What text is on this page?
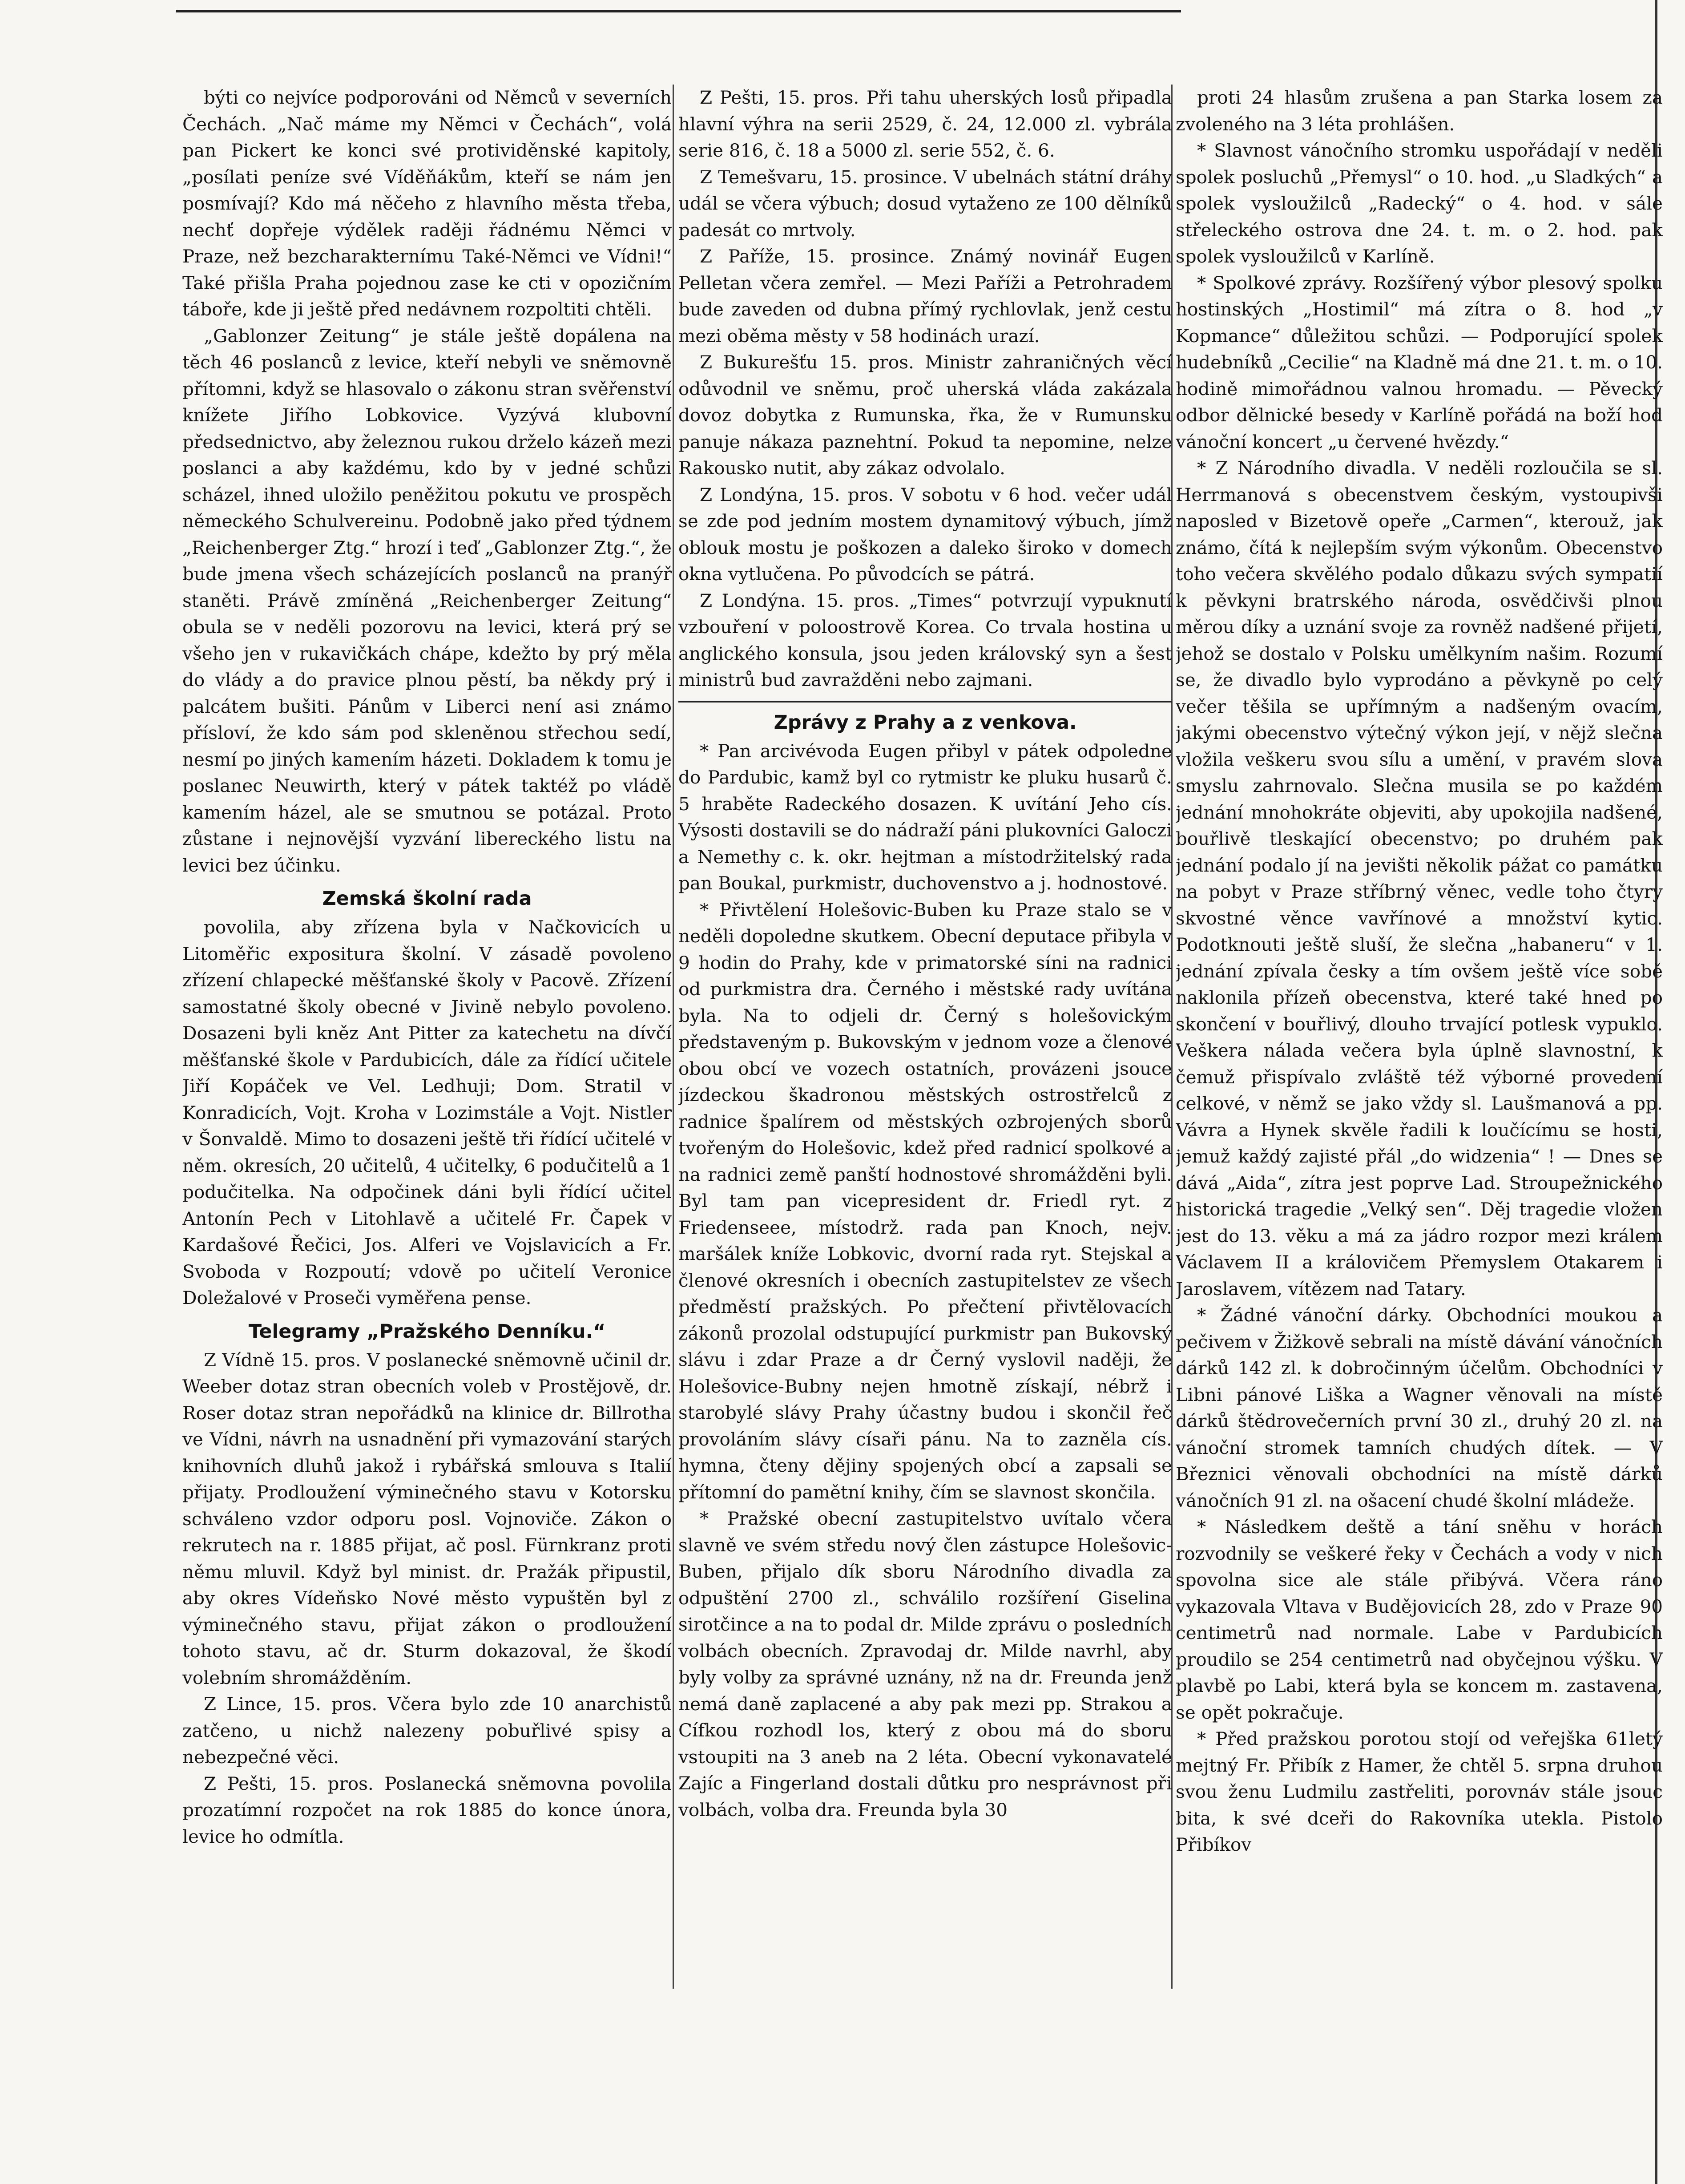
býti co nejvíce podporováni od Němců v severních Čechách. „Nač máme my Němci v Čechách“, volá pan Pickert ke konci své protividěnské kapitoly, „posílati peníze své Víděňákům, kteří se nám jen posmívají? Kdo má něčeho z hlavního města třeba, nechť dopřeje výdělek raději řádnému Němci v Praze, než bezcharakternímu Také-Němci ve Vídni!“ Také přišla Praha pojednou zase ke cti v opozičním táboře, kde ji ještě před nedávnem rozpoltiti chtěli.

„Gablonzer Zeitung“ je stále ještě dopálena na těch 46 poslanců z levice, kteří nebyli ve sněmovně přítomni, když se hlasovalo o zákonu stran svěřenství knížete Jiřího Lobkovice. Vyzývá klubovní předsednictvo, aby železnou rukou drželo kázeň mezi poslanci a aby každému, kdo by v jedné schůzi scházel, ihned uložilo peněžitou pokutu ve prospěch německého Schulvereinu. Podobně jako před týdnem „Reichenberger Ztg.“ hrozí i teď „Gablonzer Ztg.“, že bude jmena všech scházejících poslanců na pranýř staněti. Právě zmíněná „Reichenberger Zeitung“ obula se v neděli pozorovu na levici, která prý se všeho jen v rukavičkách chápe, kdežto by prý měla do vlády a do pravice plnou pěstí, ba někdy prý i palcátem bušiti. Pánům v Liberci není asi známo přísloví, že kdo sám pod skleněnou střechou sedí, nesmí po jiných kamením házeti. Dokladem k tomu je poslanec Neuwirth, který v pátek taktéž po vládě kamením házel, ale se smutnou se potázal. Proto zůstane i nejnovější vyzvání libereckého listu na levici bez účinku.

Zemská školní rada

povolila, aby zřízena byla v Načkovicích u Litoměřic expositura školní. V zásadě povoleno zřízení chlapecké měšťanské školy v Pacově. Zřízení samostatné školy obecné v Jivině nebylo povoleno. Dosazeni byli kněz Ant Pitter za katechetu na dívčí měšťanské škole v Pardubicích, dále za řídící učitele Jiří Kopáček ve Vel. Ledhuji; Dom. Stratil v Konradicích, Vojt. Kroha v Lozimstále a Vojt. Nistler v Šonvaldě. Mimo to dosazeni ještě tři řídící učitelé v něm. okresích, 20 učitelů, 4 učitelky, 6 podučitelů a 1 podučitelka. Na odpočinek dáni byli řídící učitel Antonín Pech v Litohlavě a učitelé Fr. Čapek v Kardašové Řečici, Jos. Alferi ve Vojslavicích a Fr. Svoboda v Rozpoutí; vdově po učitelí Veronice Doležalové v Proseči vyměřena pense.

Telegramy „Pražského Denníku.“

Z Vídně 15. pros. V poslanecké sněmovně učinil dr. Weeber dotaz stran obecních voleb v Prostějově, dr. Roser dotaz stran nepořádků na klinice dr. Billrotha ve Vídni, návrh na usnadnění při vymazování starých knihovních dluhů jakož i rybářská smlouva s Italií přijaty. Prodloužení výminečného stavu v Kotorsku schváleno vzdor odporu posl. Vojnoviče. Zákon o rekrutech na r. 1885 přijat, ač posl. Fürnkranz proti němu mluvil. Když byl minist. dr. Pražák připustil, aby okres Vídeňsko Nové město vypuštěn byl z výminečného stavu, přijat zákon o prodloužení tohoto stavu, ač dr. Sturm dokazoval, že škodí volebním shromážděním.

Z Lince, 15. pros. Včera bylo zde 10 anarchistů zatčeno, u nichž nalezeny pobuřlivé spisy a nebezpečné věci.

Z Pešti, 15. pros. Poslanecká sněmovna povolila prozatímní rozpočet na rok 1885 do konce února, levice ho odmítla.

Z Pešti, 15. pros. Při tahu uherských losů připadla hlavní výhra na serii 2529, č. 24, 12.000 zl. vybrála serie 816, č. 18 a 5000 zl. serie 552, č. 6.

Z Temešvaru, 15. prosince. V ubelnách státní dráhy udál se včera výbuch; dosud vytaženo ze 100 dělníků padesát co mrtvoly.

Z Paříže, 15. prosince. Známý novinář Eugen Pelletan včera zemřel. — Mezi Paříži a Petrohradem bude zaveden od dubna přímý rychlovlak, jenž cestu mezi oběma městy v 58 hodinách urazí.

Z Bukurešťu 15. pros. Ministr zahraničných věcí odůvodnil ve sněmu, proč uherská vláda zakázala dovoz dobytka z Rumunska, řka, že v Rumunsku panuje nákaza paznehtní. Pokud ta nepomine, nelze Rakousko nutit, aby zákaz odvolalo.

Z Londýna, 15. pros. V sobotu v 6 hod. večer udál se zde pod jedním mostem dynamitový výbuch, jímž oblouk mostu je poškozen a daleko široko v domech okna vytlučena. Po původcích se pátrá.

Z Londýna. 15. pros. „Times“ potvrzují vypuknutí vzbouření v poloostrově Korea. Co trvala hostina u anglického konsula, jsou jeden královský syn a šest ministrů bud zavražděni nebo zajmani.

Zprávy z Prahy a z venkova.

* Pan arcivévoda Eugen přibyl v pátek odpoledne do Pardubic, kamž byl co rytmistr ke pluku husarů č. 5 hraběte Radeckého dosazen. K uvítání Jeho cís. Výsosti dostavili se do nádraží páni plukovníci Galoczi a Nemethy c. k. okr. hejtman a místodržitelský rada pan Boukal, purkmistr, duchovenstvo a j. hodnostové.

* Přivtělení Holešovic-Buben ku Praze stalo se v neděli dopoledne skutkem. Obecní deputace přibyla v 9 hodin do Prahy, kde v primatorské síni na radnici od purkmistra dra. Černého i městské rady uvítána byla. Na to odjeli dr. Černý s holešovickým představeným p. Bukovským v jednom voze a členové obou obcí ve vozech ostatních, provázeni jsouce jízdeckou škadronou městských ostrostřelců z radnice špalírem od městských ozbrojených sborů tvořeným do Holešovic, kdež před radnicí spolkové a na radnici země panští hodnostové shromážděni byli. Byl tam pan vicepresident dr. Friedl ryt. z Friedenseee, místodrž. rada pan Knoch, nejv. maršálek kníže Lobkovic, dvorní rada ryt. Stejskal a členové okresních i obecních zastupitelstev ze všech předměstí pražských. Po přečtení přivtělovacích zákonů prozolal odstupující purkmistr pan Bukovský slávu i zdar Praze a dr Černý vyslovil naději, že Holešovice-Bubny nejen hmotně získají, nébrž i starobylé slávy Prahy účastny budou i skončil řeč provoláním slávy císaři pánu. Na to zazněla cís. hymna, čteny dějiny spojených obcí a zapsali se přítomní do pamětní knihy, čím se slavnost skončila.

* Pražské obecní zastupitelstvo uvítalo včera slavně ve svém středu nový člen zástupce Holešovic-Buben, přijalo dík sboru Národního divadla za odpuštění 2700 zl., schválilo rozšíření Giselina sirotčince a na to podal dr. Milde zprávu o posledních volbách obecních. Zpravodaj dr. Milde navrhl, aby byly volby za správné uznány, nž na dr. Freunda jenž nemá daně zaplacené a aby pak mezi pp. Strakou a Cífkou rozhodl los, který z obou má do sboru vstoupiti na 3 aneb na 2 léta. Obecní vykonavatelé Zajíc a Fingerland dostali důtku pro nesprávnost při volbách, volba dra. Freunda byla 30

proti 24 hlasům zrušena a pan Starka losem za zvoleného na 3 léta prohlášen.

* Slavnost vánočního stromku uspořádají v neděli spolek posluchů „Přemysl“ o 10. hod. „u Sladkých“ a spolek vysloužilců „Radecký“ o 4. hod. v sále střeleckého ostrova dne 24. t. m. o 2. hod. pak spolek vysloužilců v Karlíně.

* Spolkové zprávy. Rozšířený výbor plesový spolku hostinských „Hostimil“ má zítra o 8. hod „v Kopmance“ důležitou schůzi. — Podporující spolek hudebníků „Cecilie“ na Kladně má dne 21. t. m. o 10. hodině mimořádnou valnou hromadu. — Pěvecký odbor dělnické besedy v Karlíně pořádá na boží hod vánoční koncert „u červené hvězdy.“

* Z Národního divadla. V neděli rozloučila se sl. Herrmanová s obecenstvem českým, vystoupivši naposled v Bizetově opeře „Carmen“, kterouž, jak známo, čítá k nejlepším svým výkonům. Obecenstvo toho večera skvělého podalo důkazu svých sympatií k pěvkyni bratrského národa, osvědčivši plnou měrou díky a uznání svoje za rovněž nadšené přijetí, jehož se dostalo v Polsku umělkyním našim. Rozumí se, že divadlo bylo vyprodáno a pěvkyně po celý večer těšila se upřímným a nadšeným ovacím, jakými obecenstvo výtečný výkon její, v nějž slečna vložila veškeru svou sílu a umění, v pravém slova smyslu zahrnovalo. Slečna musila se po každém jednání mnohokráte objeviti, aby upokojila nadšené, bouřlivě tleskající obecenstvo; po druhém pak jednání podalo jí na jevišti několik pážat co památku na pobyt v Praze stříbrný věnec, vedle toho čtyry skvostné věnce vavřínové a množství kytic. Podotknouti ještě sluší, že slečna „habaneru“ v 1. jednání zpívala česky a tím ovšem ještě více sobě naklonila přízeň obecenstva, které také hned po skončení v bouřlivý, dlouho trvající potlesk vypuklo. Veškera nálada večera byla úplně slavnostní, k čemuž přispívalo zvláště též výborné provedení celkové, v němž se jako vždy sl. Laušmanová a pp. Vávra a Hynek skvěle řadili k loučícímu se hosti, jemuž každý zajisté přál „do widzenia“ ! — Dnes se dává „Aida“, zítra jest poprve Lad. Stroupežnického historická tragedie „Velký sen“. Děj tragedie vložen jest do 13. věku a má za jádro rozpor mezi králem Václavem II a královičem Přemyslem Otakarem i Jaroslavem, vítězem nad Tatary.

* Žádné vánoční dárky. Obchodníci moukou a pečivem v Žižkově sebrali na místě dávání vánočních dárků 142 zl. k dobročinným účelům. Obchodníci v Libni pánové Liška a Wagner věnovali na místě dárků štědrovečerních první 30 zl., druhý 20 zl. na vánoční stromek tamních chudých dítek. — V Březnici věnovali obchodníci na místě dárků vánočních 91 zl. na ošacení chudé školní mládeže.

* Následkem deště a tání sněhu v horách rozvodnily se veškeré řeky v Čechách a vody v nich spovolna sice ale stále přibývá. Včera ráno vykazovala Vltava v Budějovicích 28, zdo v Praze 90 centimetrů nad normale. Labe v Pardubicích proudilo se 254 centimetrů nad obyčejnou výšku. V plavbě po Labi, která byla se koncem m. zastavena, se opět pokračuje.

* Před pražskou porotou stojí od veřejška 61letý mejtný Fr. Přibík z Hamer, že chtěl 5. srpna druhou svou ženu Ludmilu zastřeliti, porovnáv stále jsouc bita, k své dceři do Rakovníka utekla. Pistolo Přibíkov
